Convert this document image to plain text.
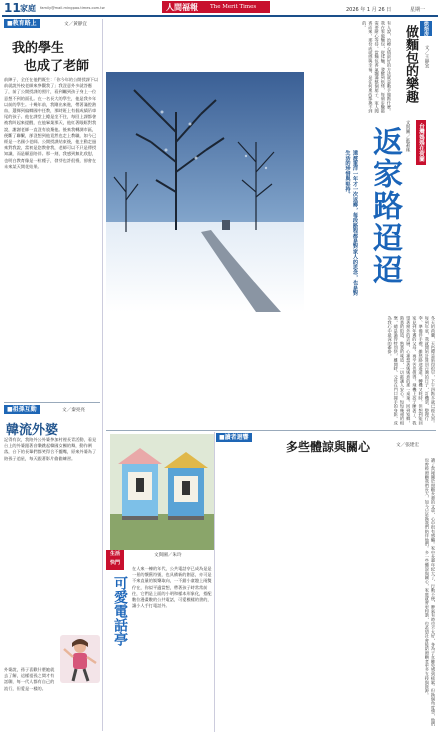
11 家庭 family@mail.mingpao.times.com.tw	人間福報 The Merit Times	2026 年 1 月 26 日	星期一
■教育路上	文／黃靜宜
我的學生
也成了老師
前陣子，全任在他們既生：「你今年的公開授課下以前就說外校老師來參觀我了」我沒意外多就答應了，前了公開授課的照片，看到曬到孩子身上一位意想不到的面孔。在一名長大的學生，他是我多年以前的學生。十幾年前，我剛出來進，帶著滿腔熱血，選擇到偏鄉國中任教，那時班上有個成績吊車尾的孩子。他在課堂上總是坐不住，每回上課都會被我叫起來提醒，在他畢業那天，他紅著眼眶對我說，謝謝老師一直沒有放棄他。後來我轉調市區，便斷了聯繫，卻沒想到他竟然也走上教職，如今已經是一名國小老師。公開授課結束後，他主動走過來對我說，當初是您教會我，老師可以不只是傳授知識，而是願意陪伴。那一刻，我感到無比欣慰，也明白教育像是一粒種子，發芽也許很慢，卻會在未來某天開花結果。
■祖孫互動	文／秦亮亮
韓流外婆
記得有次，我陪外公外婆參加村裡長青活動，看見台上的外婆跟著音樂跳起韓國女團的舞，動作俐落，台下的長輩們都笑得合不攏嘴，原來外婆為了陪孫子追星，每天跟著影片偷偷練習。
外婆說，孫子喜歡什麼她就去了解，這樣祖孫之間才有話聊，每一代人都有自己的流行，但愛是一樣的。
有人說，治療心情最好的方法就是動手做點什麼。我在家做麵包，從揉麵、發酵到烘烤，每個步驟都需要耐心等待，當麵包香氣飄滿整個屋子，家人聞香而來，那份成就感與幸福，是任何東西都換不到的。	做麵包的樂趣	烘焙房 文／王靜宜
台灣媽媽在荷蘭
文與圖／藍莉珠
返家路迢迢
遠渡重洋一年才一次返鄉，每段路程都是對家人的思念，也是對生活的珍惜與堅持。
冬天的荷蘭，天色總是暗得很早，下午四點多就已經天黑。每到年底，我就開始計算回台灣的日子，訂機票、整理行李、準備伴手禮，雖然路途遙遠，轉機又耗時，但想到能回家見到年邁的父母，再辛苦也值得。飛機上孩子睡著了，我望著窗外的雲層，心裡想著媽媽煮的那一桌菜。回到家鄉，熟悉的街道、熟悉的味道，一切都讓人安心。短短幾週的相聚，總是過得特別快，離開時，父母在門口揮手的身影，成為我心中最深的牽掛。
■讀者迴響
多些體諒與關心	文／張建宏
讀了貴報關於照顧長輩的文章，心中很有感觸。家中長輩年紀大了，行動不便，脾氣有時也不太好，身為子女難免感到疲累。但換個角度想，他們也曾經照顧我們長大，如今只是換我們陪伴他們。多一些體諒與關心，家庭就會更和諧，也希望社會能給照顧者更多支持與資源。
生活
快門
文與圖／朱玲
可愛電話亭
在人來一棟的年代，公共電話亭已成為是是一景的懷舊符號，也具備新的創意，亦可是不來直量的娛樂取向，一不錯小童趣上兩雙佇在，你似平適當想，帶著孩子時常常前往，它們是上面的小明和樣本形象化，搭配數位漫畫數的公共電話，可愛模樣的書的，讓小人手打電話外。
